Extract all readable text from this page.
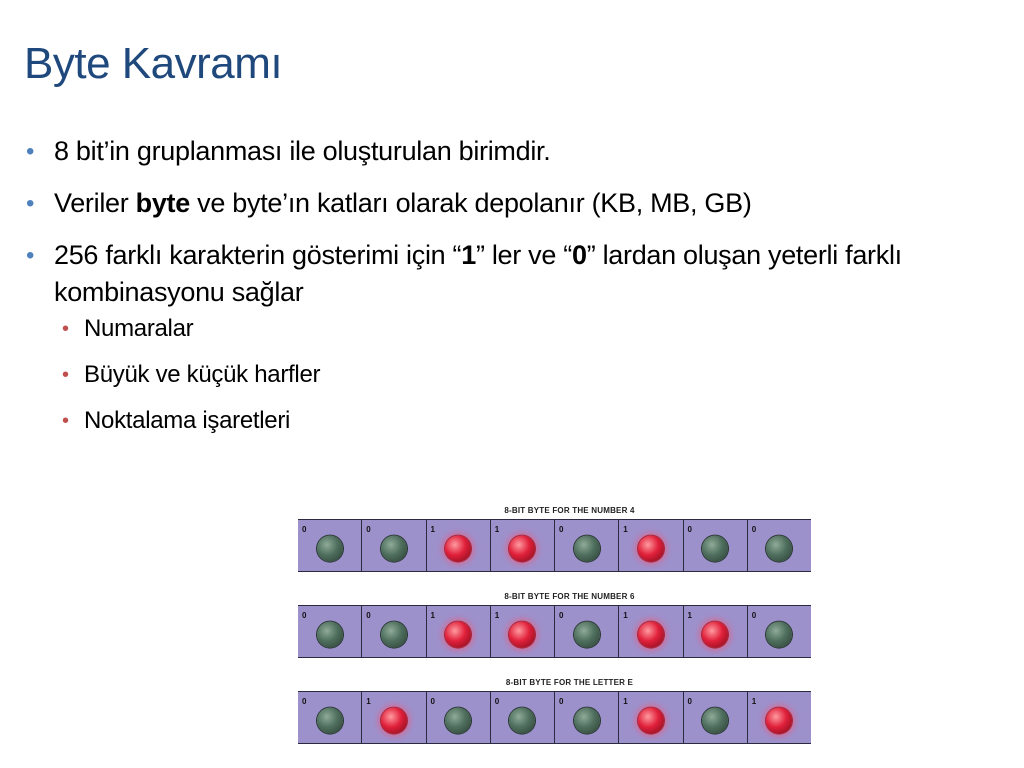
Byte Kavramı
• 8 bit’in gruplanması ile oluşturulan birimdir.
• Veriler byte ve byte’ın katları olarak depolanır (KB, MB, GB)
• 256 farklı karakterin gösterimi için “1” ler ve “0” lardan oluşan yeterli farklı kombinasyonu sağlar
• Numaralar
• Büyük ve küçük harfler
• Noktalama işaretleri
8-BIT BYTE FOR THE NUMBER 4
0	0	1	1	0	1	0	0
8-BIT BYTE FOR THE NUMBER 6
0	0	1	1	0	1	1	0
8-BIT BYTE FOR THE LETTER E
0	1	0	0	0	1	0	1
